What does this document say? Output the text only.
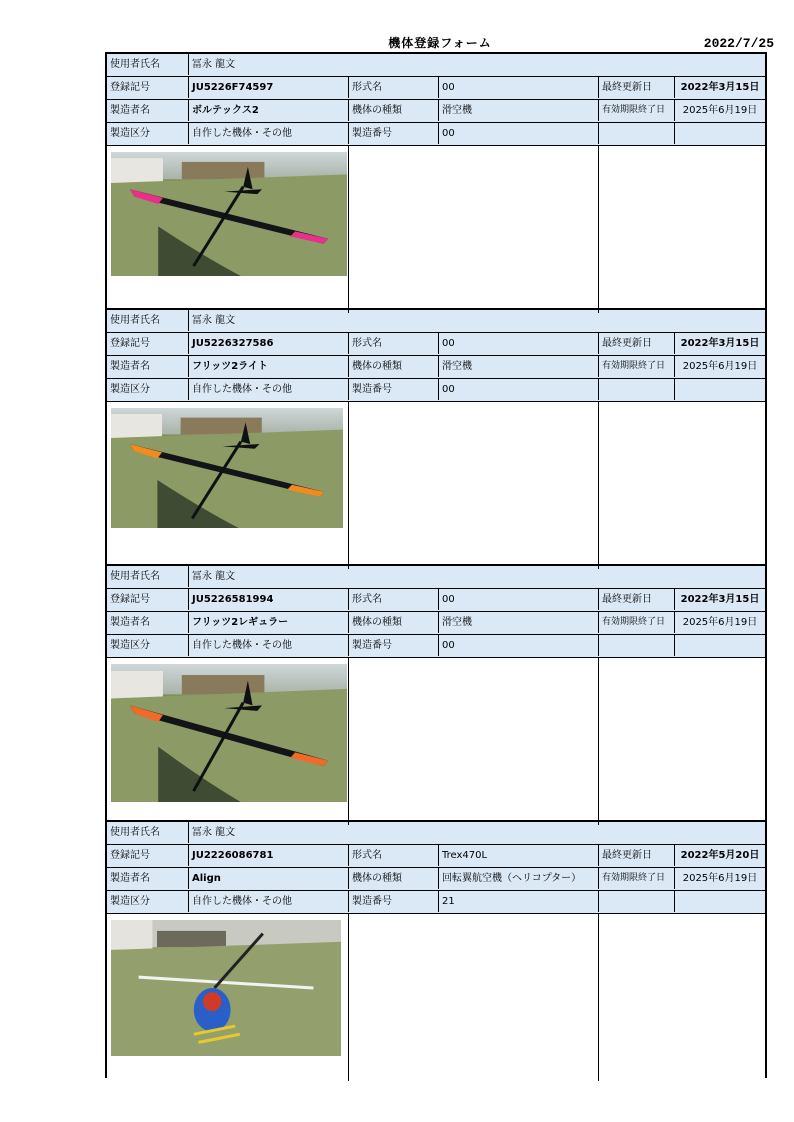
機体登録フォーム	2022/7/25
使用者氏名	冨永 龍文
登録記号	JU5226F74597	形式名	00	最終更新日	2022年3月15日
製造者名	ボルテックス2	機体の種類	滑空機	有効期限終了日	2025年6月19日
製造区分	自作した機体・その他	製造番号	00
使用者氏名	冨永 龍文
登録記号	JU5226327586	形式名	00	最終更新日	2022年3月15日
製造者名	フリッツ2ライト	機体の種類	滑空機	有効期限終了日	2025年6月19日
製造区分	自作した機体・その他	製造番号	00
使用者氏名	冨永 龍文
登録記号	JU5226581994	形式名	00	最終更新日	2022年3月15日
製造者名	フリッツ2レギュラー	機体の種類	滑空機	有効期限終了日	2025年6月19日
製造区分	自作した機体・その他	製造番号	00
使用者氏名	冨永 龍文
登録記号	JU2226086781	形式名	Trex470L	最終更新日	2022年5月20日
製造者名	Align	機体の種類	回転翼航空機（ヘリコプター）	有効期限終了日	2025年6月19日
製造区分	自作した機体・その他	製造番号	21
